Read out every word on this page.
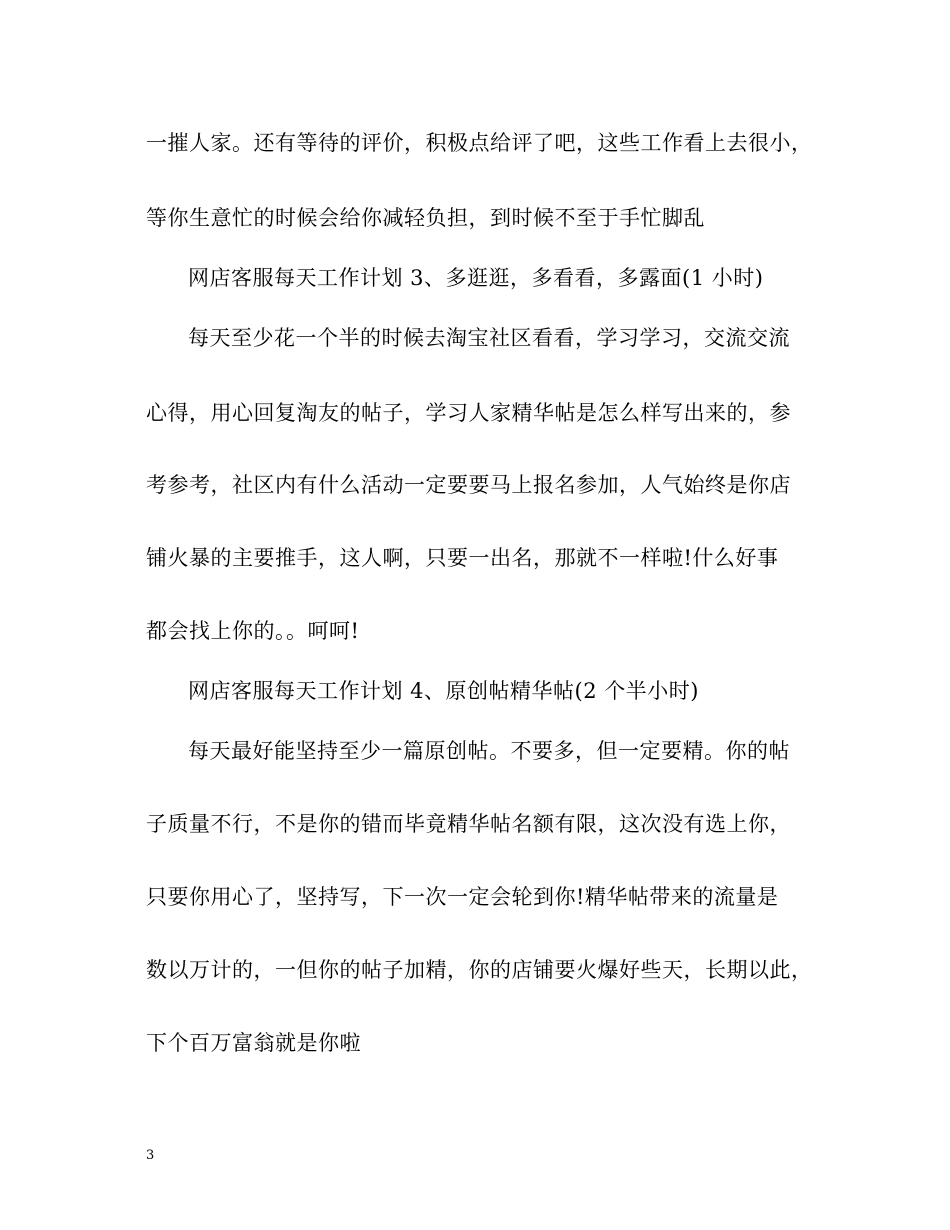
一摧人家。还有等待的评价，积极点给评了吧，这些工作看上去很小，
等你生意忙的时候会给你减轻负担，到时候不至于手忙脚乱
网店客服每天工作计划 3、多逛逛，多看看，多露面(1 小时)
每天至少花一个半的时候去淘宝社区看看，学习学习，交流交流
心得，用心回复淘友的帖子，学习人家精华帖是怎么样写出来的，参
考参考，社区内有什么活动一定要要马上报名参加，人气始终是你店
铺火暴的主要推手，这人啊，只要一出名，那就不一样啦!什么好事
都会找上你的。。呵呵!
网店客服每天工作计划 4、原创帖精华帖(2 个半小时)
每天最好能坚持至少一篇原创帖。不要多，但一定要精。你的帖
子质量不行，不是你的错而毕竟精华帖名额有限，这次没有选上你，
只要你用心了，坚持写，下一次一定会轮到你!精华帖带来的流量是
数以万计的，一但你的帖子加精，你的店铺要火爆好些天，长期以此，
下个百万富翁就是你啦
3
